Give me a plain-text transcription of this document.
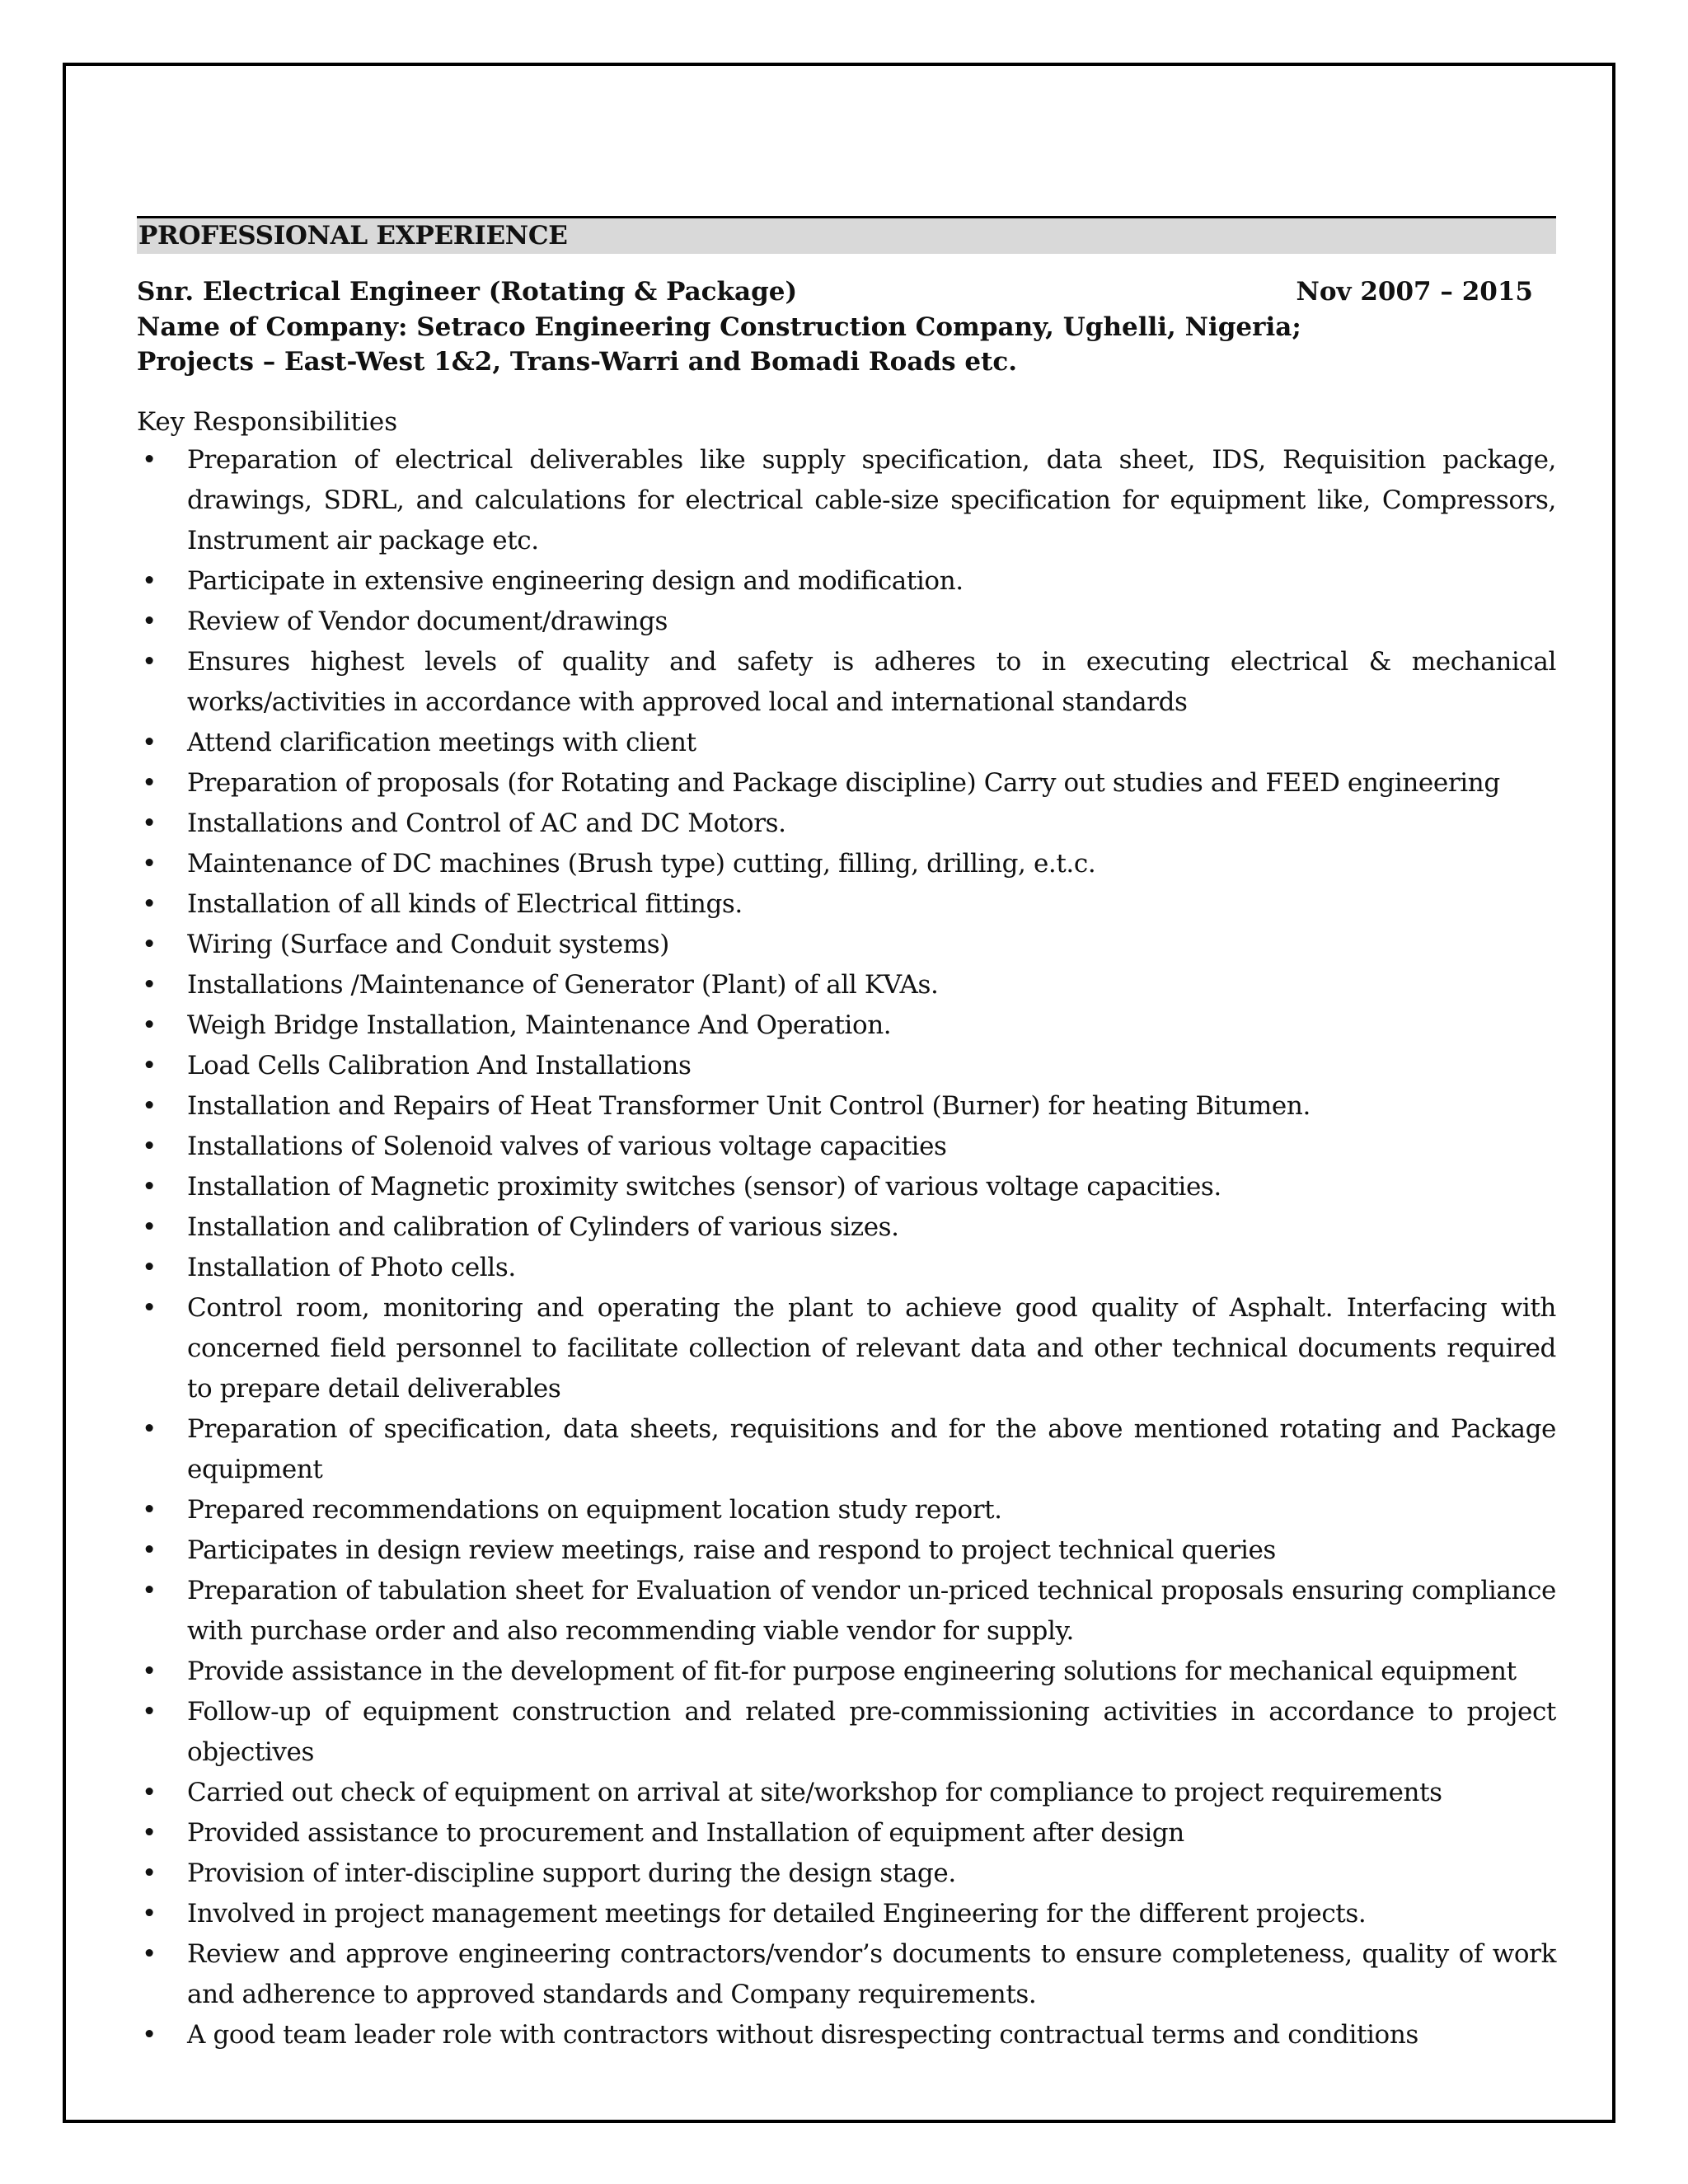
PROFESSIONAL EXPERIENCE
Snr. Electrical Engineer (Rotating & Package)	Nov 2007 – 2015
Name of Company: Setraco Engineering Construction Company, Ughelli, Nigeria;
Projects – East-West 1&2, Trans-Warri and Bomadi Roads etc.
Key Responsibilities
• Preparation of electrical deliverables like supply specification, data sheet, IDS, Requisition package, drawings, SDRL, and calculations for electrical cable-size specification for equipment like, Compressors, Instrument air package etc.
• Participate in extensive engineering design and modification.
• Review of Vendor document/drawings
• Ensures highest levels of quality and safety is adheres to in executing electrical & mechanical works/activities in accordance with approved local and international standards
• Attend clarification meetings with client
• Preparation of proposals (for Rotating and Package discipline) Carry out studies and FEED engineering
• Installations and Control of AC and DC Motors.
• Maintenance of DC machines (Brush type) cutting, filling, drilling, e.t.c.
• Installation of all kinds of Electrical fittings.
• Wiring (Surface and Conduit systems)
• Installations /Maintenance of Generator (Plant) of all KVAs.
• Weigh Bridge Installation, Maintenance And Operation.
• Load Cells Calibration And Installations
• Installation and Repairs of Heat Transformer Unit Control (Burner) for heating Bitumen.
• Installations of Solenoid valves of various voltage capacities
• Installation of Magnetic proximity switches (sensor) of various voltage capacities.
• Installation and calibration of Cylinders of various sizes.
• Installation of Photo cells.
• Control room, monitoring and operating the plant to achieve good quality of Asphalt. Interfacing with concerned field personnel to facilitate collection of relevant data and other technical documents required to prepare detail deliverables
• Preparation of specification, data sheets, requisitions and for the above mentioned rotating and Package equipment
• Prepared recommendations on equipment location study report.
• Participates in design review meetings, raise and respond to project technical queries
• Preparation of tabulation sheet for Evaluation of vendor un-priced technical proposals ensuring compliance with purchase order and also recommending viable vendor for supply.
• Provide assistance in the development of fit-for purpose engineering solutions for mechanical equipment
• Follow-up of equipment construction and related pre-commissioning activities in accordance to project objectives
• Carried out check of equipment on arrival at site/workshop for compliance to project requirements
• Provided assistance to procurement and Installation of equipment after design
• Provision of inter-discipline support during the design stage.
• Involved in project management meetings for detailed Engineering for the different projects.
• Review and approve engineering contractors/vendor’s documents to ensure completeness, quality of work and adherence to approved standards and Company requirements.
• A good team leader role with contractors without disrespecting contractual terms and conditions
